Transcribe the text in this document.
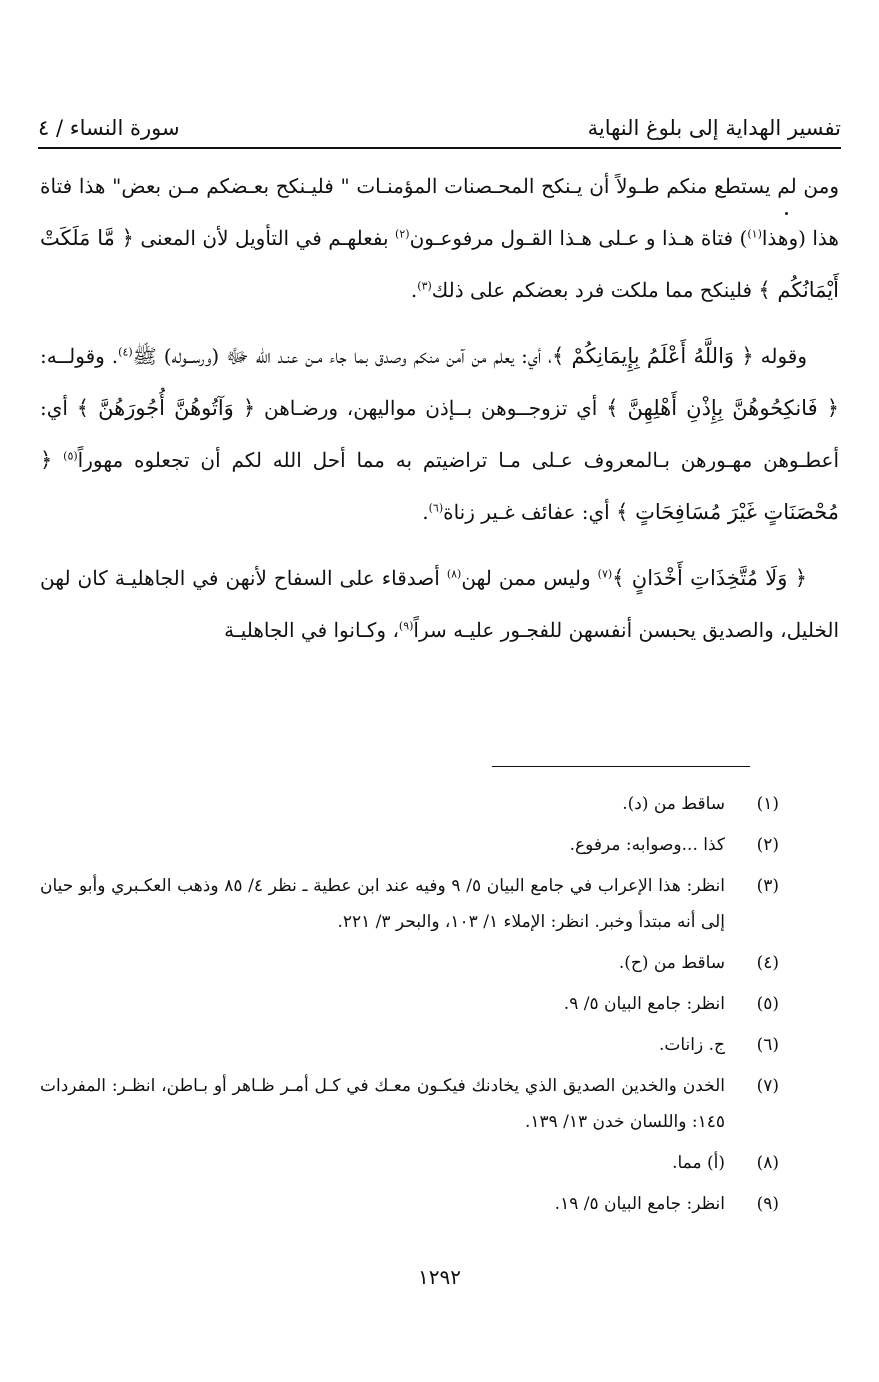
تفسير الهداية إلى بلوغ النهاية
سورة النساء / ٤

ومن لم يستطع منكم طـولاً أن يـنكح المحـصنات المؤمنـات " فليـنكح بعـضكم مـن بعض" هذا فتاة هذا (وهذا$^{(١)}$) فتاة هـذا و عـلى هـذا القـول مرفوعـون$^{(٢)}$ بفعلهـم في التأويل لأن المعنى ﴿ مَّا مَلَكَتْ أَيْمَانُكُم ﴾ فلينكح مما ملكت فرد بعضكم على ذلك$^{(٣)}$.

وقوله ﴿ وَاللَّهُ أَعْلَمُ بِإِيمَانِكُمْ ﴾، أي: يعلم من آمن منكم وصدق بما جاء مـن عنـد الله ﷻ (ورســوله) ﷺ$^{(٤)}$. وقولــه: ﴿ فَانكِحُوهُنَّ بِإِذْنِ أَهْلِهِنَّ ﴾ أي تزوجــوهن بــإذن مواليهن، ورضـاهن ﴿ وَآتُوهُنَّ أُجُورَهُنَّ ﴾ أي: أعطـوهن مهـورهن بـالمعروف عـلى مـا تراضيتم به مما أحل الله لكم أن تجعلوه مهوراً$^{(٥)}$ ﴿ مُحْصَنَاتٍ غَيْرَ مُسَافِحَاتٍ ﴾ أي: عفائف غـير زناة$^{(٦)}$.

﴿ وَلَا مُتَّخِذَاتِ أَخْدَانٍ ﴾$^{(٧)}$ وليس ممن لهن$^{(٨)}$ أصدقاء على السفاح لأنهن في الجاهليـة كان لهن الخليل، والصديق يحبسن أنفسهن للفجـور عليـه سراً$^{(٩)}$، وكـانوا في الجاهليـة

(١)
ساقط من (د).
(٢)
كذا ...وصوابه: مرفوع.
(٣)
انظر: هذا الإعراب في جامع البيان ٥/ ٩ وفيه عند ابن عطية ـ نظر ٤/ ٨٥ وذهب العكـبري وأبو حيان إلى أنه مبتدأ وخبر. انظر: الإملاء ١/ ١٠٣، والبحر ٣/ ٢٢١.
(٤)
ساقط من (ح).
(٥)
انظر: جامع البيان ٥/ ٩.
(٦)
ج. زانات.
(٧)
الخدن والخدين الصديق الذي يخادنك فيكـون معـك في كـل أمـر ظـاهر أو بـاطن، انظـر: المفردات ١٤٥: واللسان خدن ١٣/ ١٣٩.
(٨)
(أ) مما.
(٩)
انظر: جامع البيان ٥/ ١٩.
١٢٩٢
